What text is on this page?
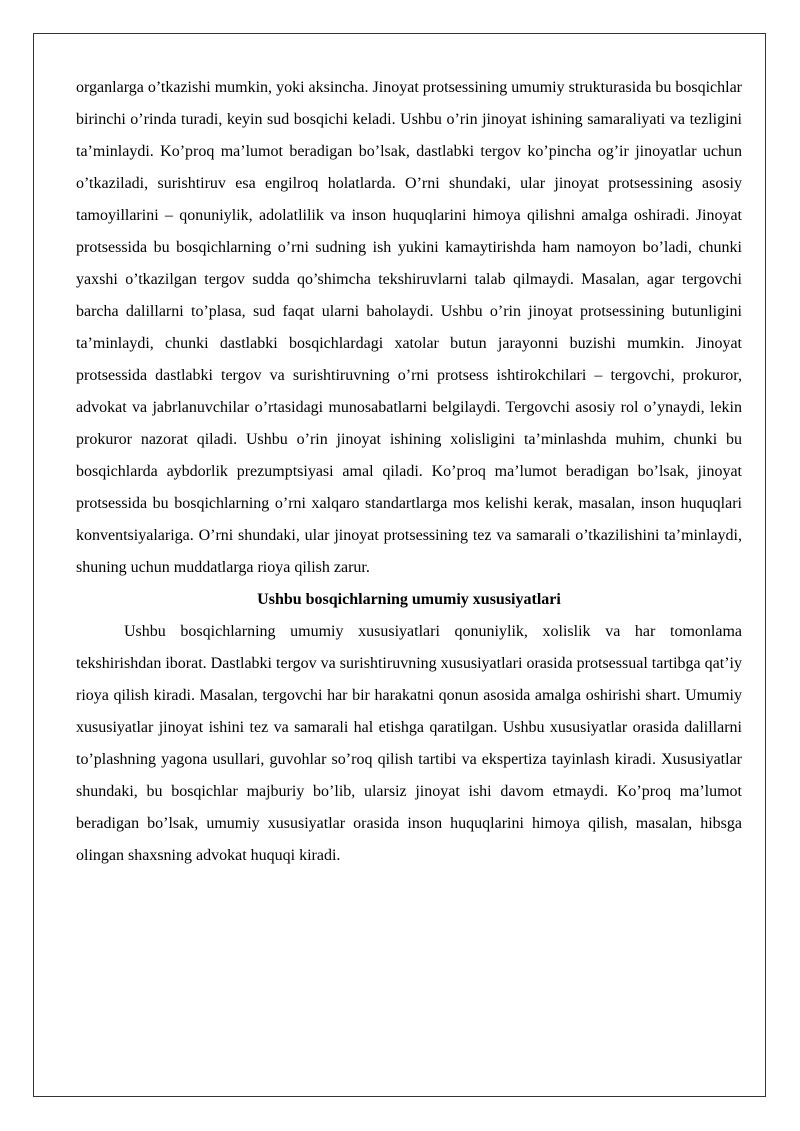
organlarga o’tkazishi mumkin, yoki aksincha. Jinoyat protsessining umumiy strukturasida bu bosqichlar birinchi o’rinda turadi, keyin sud bosqichi keladi. Ushbu o’rin jinoyat ishining samaraliyati va tezligini ta’minlaydi. Ko’proq ma’lumot beradigan bo’lsak, dastlabki tergov ko’pincha og’ir jinoyatlar uchun o’tkaziladi, surishtiruv esa engilroq holatlarda. O’rni shundaki, ular jinoyat protsessining asosiy tamoyillarini – qonuniylik, adolatlilik va inson huquqlarini himoya qilishni amalga oshiradi. Jinoyat protsessida bu bosqichlarning o’rni sudning ish yukini kamaytirishda ham namoyon bo’ladi, chunki yaxshi o’tkazilgan tergov sudda qo’shimcha tekshiruvlarni talab qilmaydi. Masalan, agar tergovchi barcha dalillarni to’plasa, sud faqat ularni baholaydi. Ushbu o’rin jinoyat protsessining butunligini ta’minlaydi, chunki dastlabki bosqichlardagi xatolar butun jarayonni buzishi mumkin. Jinoyat protsessida dastlabki tergov va surishtiruvning o’rni protsess ishtirokchilari – tergovchi, prokuror, advokat va jabrlanuvchilar o’rtasidagi munosabatlarni belgilaydi. Tergovchi asosiy rol o’ynaydi, lekin prokuror nazorat qiladi. Ushbu o’rin jinoyat ishining xolisligini ta’minlashda muhim, chunki bu bosqichlarda aybdorlik prezumptsiyasi amal qiladi. Ko’proq ma’lumot beradigan bo’lsak, jinoyat protsessida bu bosqichlarning o’rni xalqaro standartlarga mos kelishi kerak, masalan, inson huquqlari konventsiyalariga. O’rni shundaki, ular jinoyat protsessining tez va samarali o’tkazilishini ta’minlaydi, shuning uchun muddatlarga rioya qilish zarur.

Ushbu bosqichlarning umumiy xususiyatlari

Ushbu bosqichlarning umumiy xususiyatlari qonuniylik, xolislik va har tomonlama tekshirishdan iborat. Dastlabki tergov va surishtiruvning xususiyatlari orasida protsessual tartibga qat’iy rioya qilish kiradi. Masalan, tergovchi har bir harakatni qonun asosida amalga oshirishi shart. Umumiy xususiyatlar jinoyat ishini tez va samarali hal etishga qaratilgan. Ushbu xususiyatlar orasida dalillarni to’plashning yagona usullari, guvohlar so’roq qilish tartibi va ekspertiza tayinlash kiradi. Xususiyatlar shundaki, bu bosqichlar majburiy bo’lib, ularsiz jinoyat ishi davom etmaydi. Ko’proq ma’lumot beradigan bo’lsak, umumiy xususiyatlar orasida inson huquqlarini himoya qilish, masalan, hibsga olingan shaxsning advokat huquqi kiradi.
